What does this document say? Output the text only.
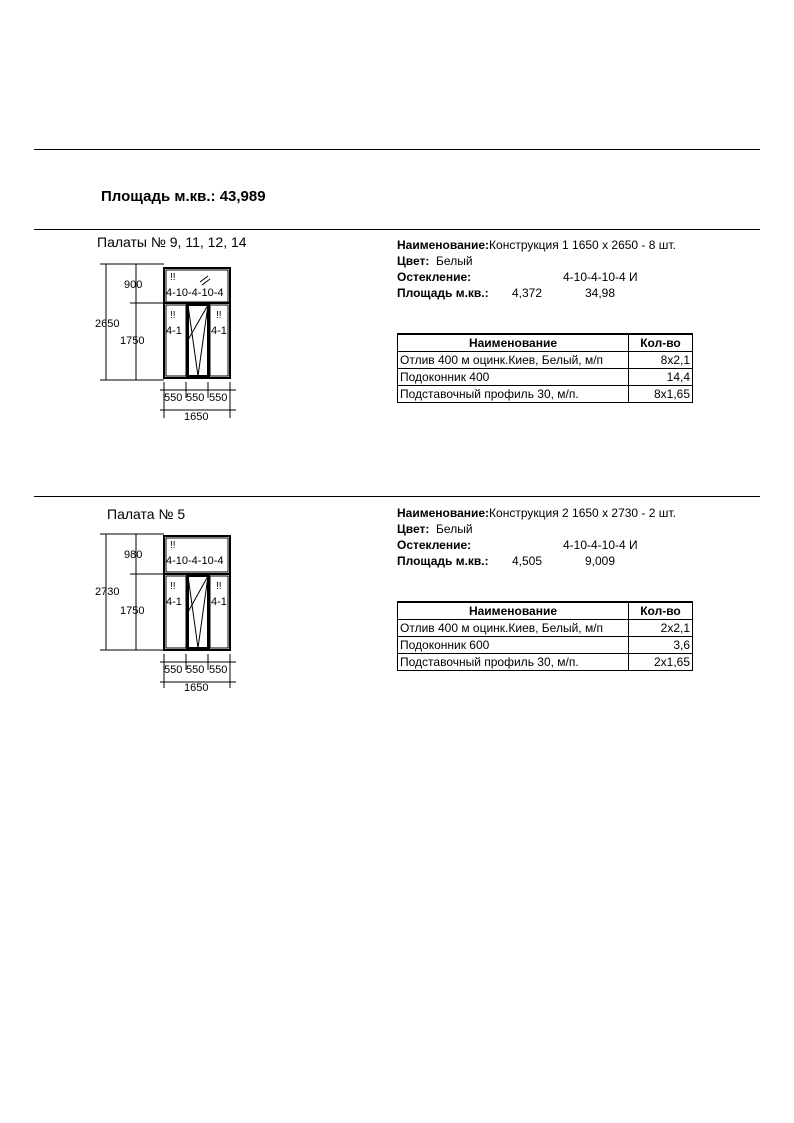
Площадь м.кв.: 43,989
Палаты № 9, 11, 12, 14	Наименование:Конструкция 1 1650 x 2650 - 8 шт.
Цвет: Белый
Остекление:	4-10-4-10-4 И
Площадь м.кв.: 4,372	34,98
Наименование	Кол-во
Отлив 400 м оцинк.Киев, Белый, м/п	8x2,1
Подоконник 400	14,4
Подставочный профиль 30, м/п.	8x1,65
2650
900
1750
!!
4-10-4-10-4
!!
4-1
!!
4-1
550 550 550
1650
Палата № 5	Наименование:Конструкция 2 1650 x 2730 - 2 шт.
Цвет: Белый
Остекление:	4-10-4-10-4 И
Площадь м.кв.: 4,505	9,009
Наименование	Кол-во
Отлив 400 м оцинк.Киев, Белый, м/п	2x2,1
Подоконник 600	3,6
Подставочный профиль 30, м/п.	2x1,65
2730
980
1750
!!
4-10-4-10-4
!!
4-1
!!
4-1
550 550 550
1650
